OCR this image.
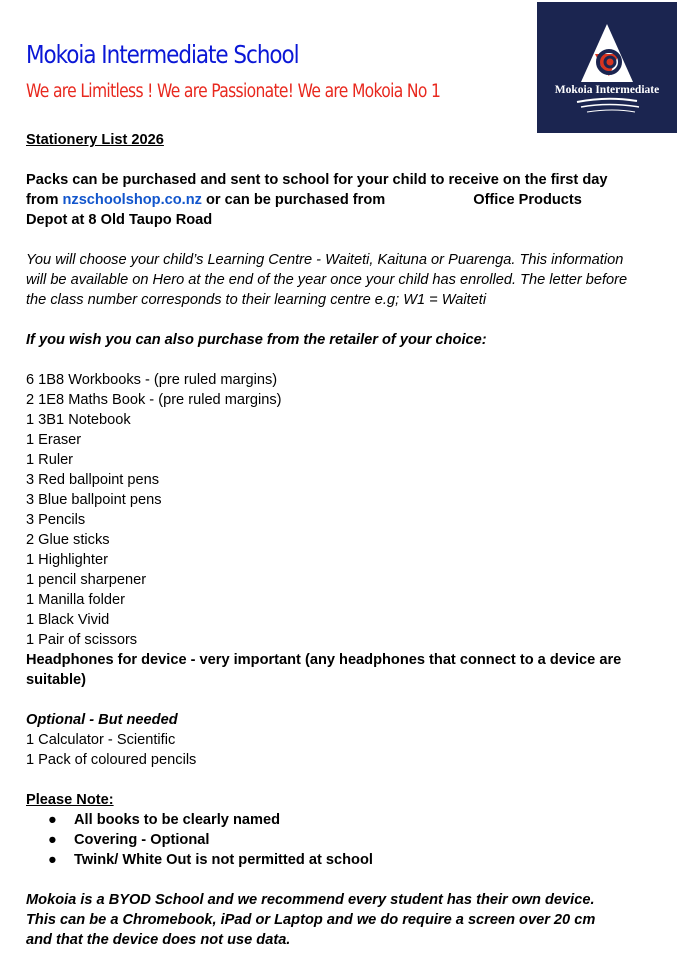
Mokoia Intermediate School
We are Limitless ! We are Passionate! We are Mokoia No 1	Mokoia Intermediate
Stationery List 2026
Packs can be purchased and sent to school for your child to receive on the first day from nzschoolshop.co.nz or can be purchased from	Office Products
Depot at 8 Old Taupo Road
You will choose your child’s Learning Centre - Waiteti, Kaituna or Puarenga. This information will be available on Hero at the end of the year once your child has enrolled. The letter before the class number corresponds to their learning centre e.g; W1 = Waiteti
If you wish you can also purchase from the retailer of your choice:
6 1B8 Workbooks - (pre ruled margins)
2 1E8 Maths Book - (pre ruled margins)
1 3B1 Notebook
1 Eraser
1 Ruler
3 Red ballpoint pens
3 Blue ballpoint pens
3 Pencils
2 Glue sticks
1 Highlighter
1 pencil sharpener
1 Manilla folder
1 Black Vivid
1 Pair of scissors
Headphones for device - very important (any headphones that connect to a device are suitable)
Optional - But needed
1 Calculator - Scientific
1 Pack of coloured pencils
Please Note:
● All books to be clearly named
● Covering - Optional
● Twink/ White Out is not permitted at school
Mokoia is a BYOD School and we recommend every student has their own device. This can be a Chromebook, iPad or Laptop and we do require a screen over 20 cm and that the device does not use data.
